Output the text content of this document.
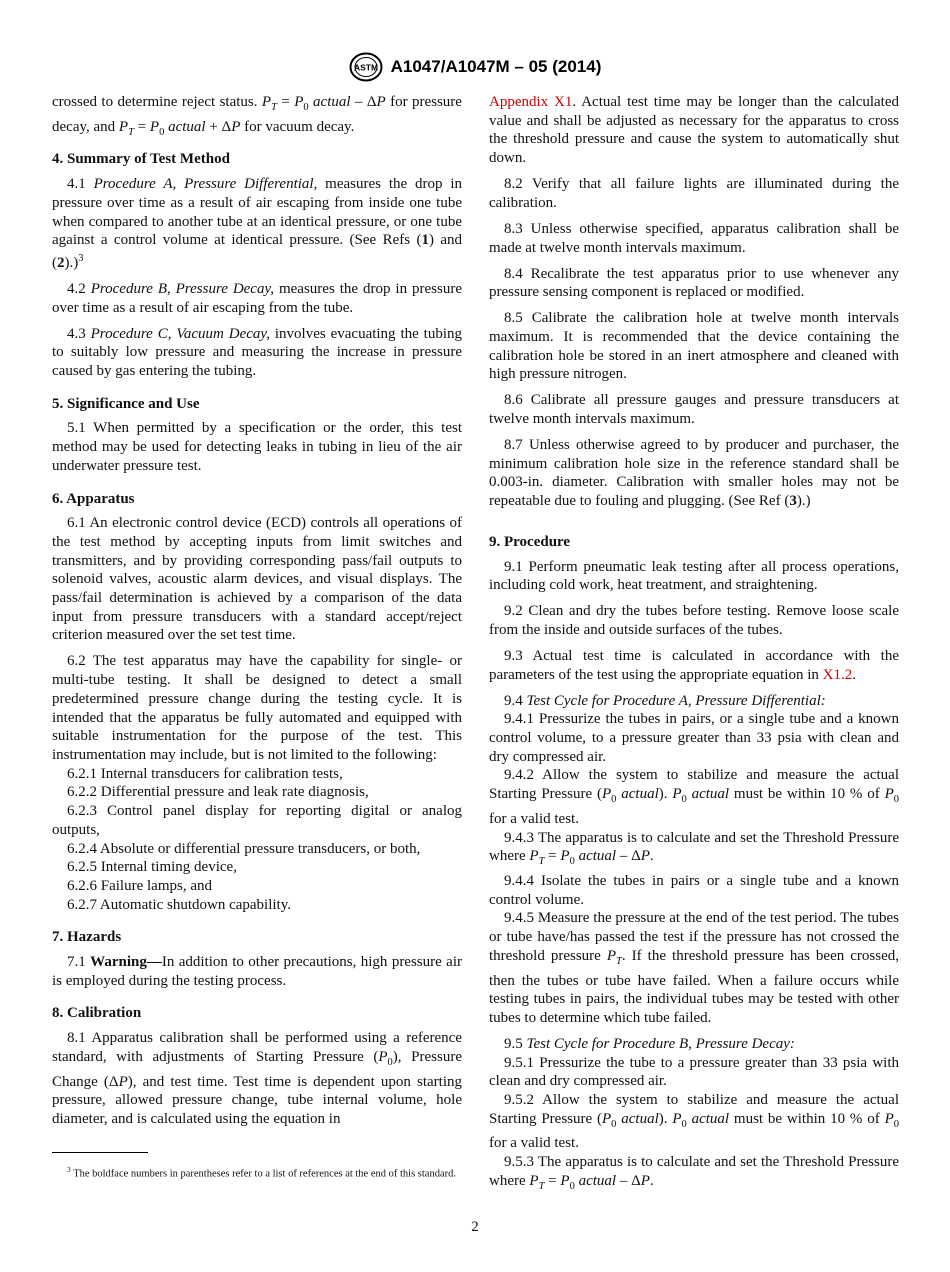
ASTM A1047/A1047M – 05 (2014)

crossed to determine reject status. $P_T = P_0$ actual – ΔP for pressure decay, and $P_T = P_0$ actual + ΔP for vacuum decay.

4. Summary of Test Method

4.1 Procedure A, Pressure Differential, measures the drop in pressure over time as a result of air escaping from inside one tube when compared to another tube at an identical pressure, or one tube against a control volume at identical pressure. (See Refs (1) and (2).)$^3$

4.2 Procedure B, Pressure Decay, measures the drop in pressure over time as a result of air escaping from the tube.

4.3 Procedure C, Vacuum Decay, involves evacuating the tubing to suitably low pressure and measuring the increase in pressure caused by gas entering the tubing.

5. Significance and Use

5.1 When permitted by a specification or the order, this test method may be used for detecting leaks in tubing in lieu of the air underwater pressure test.

6. Apparatus

6.1 An electronic control device (ECD) controls all operations of the test method by accepting inputs from limit switches and transmitters, and by providing corresponding pass/fail outputs to solenoid valves, acoustic alarm devices, and visual displays. The pass/fail determination is achieved by a comparison of the data input from pressure transducers with a standard accept/reject criterion measured over the set test time.

6.2 The test apparatus may have the capability for single- or multi-tube testing. It shall be designed to detect a small predetermined pressure change during the testing cycle. It is intended that the apparatus be fully automated and equipped with suitable instrumentation for the purpose of the test. This instrumentation may include, but is not limited to the following:

6.2.1 Internal transducers for calibration tests,

6.2.2 Differential pressure and leak rate diagnosis,

6.2.3 Control panel display for reporting digital or analog outputs,

6.2.4 Absolute or differential pressure transducers, or both,

6.2.5 Internal timing device,

6.2.6 Failure lamps, and

6.2.7 Automatic shutdown capability.

7. Hazards

7.1 Warning—In addition to other precautions, high pressure air is employed during the testing process.

8. Calibration

8.1 Apparatus calibration shall be performed using a reference standard, with adjustments of Starting Pressure $(P_0)$, Pressure Change (ΔP), and test time. Test time is dependent upon starting pressure, allowed pressure change, tube internal volume, hole diameter, and is calculated using the equation in

$^3$ The boldface numbers in parentheses refer to a list of references at the end of this standard.

Appendix X1. Actual test time may be longer than the calculated value and shall be adjusted as necessary for the apparatus to cross the threshold pressure and cause the system to automatically shut down.

8.2 Verify that all failure lights are illuminated during the calibration.

8.3 Unless otherwise specified, apparatus calibration shall be made at twelve month intervals maximum.

8.4 Recalibrate the test apparatus prior to use whenever any pressure sensing component is replaced or modified.

8.5 Calibrate the calibration hole at twelve month intervals maximum. It is recommended that the device containing the calibration hole be stored in an inert atmosphere and cleaned with high pressure nitrogen.

8.6 Calibrate all pressure gauges and pressure transducers at twelve month intervals maximum.

8.7 Unless otherwise agreed to by producer and purchaser, the minimum calibration hole size in the reference standard shall be 0.003-in. diameter. Calibration with smaller holes may not be repeatable due to fouling and plugging. (See Ref (3).)

9. Procedure

9.1 Perform pneumatic leak testing after all process operations, including cold work, heat treatment, and straightening.

9.2 Clean and dry the tubes before testing. Remove loose scale from the inside and outside surfaces of the tubes.

9.3 Actual test time is calculated in accordance with the parameters of the test using the appropriate equation in X1.2.

9.4 Test Cycle for Procedure A, Pressure Differential:

9.4.1 Pressurize the tubes in pairs, or a single tube and a known control volume, to a pressure greater than 33 psia with clean and dry compressed air.

9.4.2 Allow the system to stabilize and measure the actual Starting Pressure ($P_0$ actual). $P_0$ actual must be within 10 % of $P_0$ for a valid test.

9.4.3 The apparatus is to calculate and set the Threshold Pressure where $P_T = P_0$ actual – ΔP.

9.4.4 Isolate the tubes in pairs or a single tube and a known control volume.

9.4.5 Measure the pressure at the end of the test period. The tubes or tube have/has passed the test if the pressure has not crossed the threshold pressure $P_T$. If the threshold pressure has been crossed, then the tubes or tube have failed. When a failure occurs while testing tubes in pairs, the individual tubes may be tested with other tubes to determine which tube failed.

9.5 Test Cycle for Procedure B, Pressure Decay:

9.5.1 Pressurize the tube to a pressure greater than 33 psia with clean and dry compressed air.

9.5.2 Allow the system to stabilize and measure the actual Starting Pressure ($P_0$ actual). $P_0$ actual must be within 10 % of $P_0$ for a valid test.

9.5.3 The apparatus is to calculate and set the Threshold Pressure where $P_T = P_0$ actual – ΔP.

2
